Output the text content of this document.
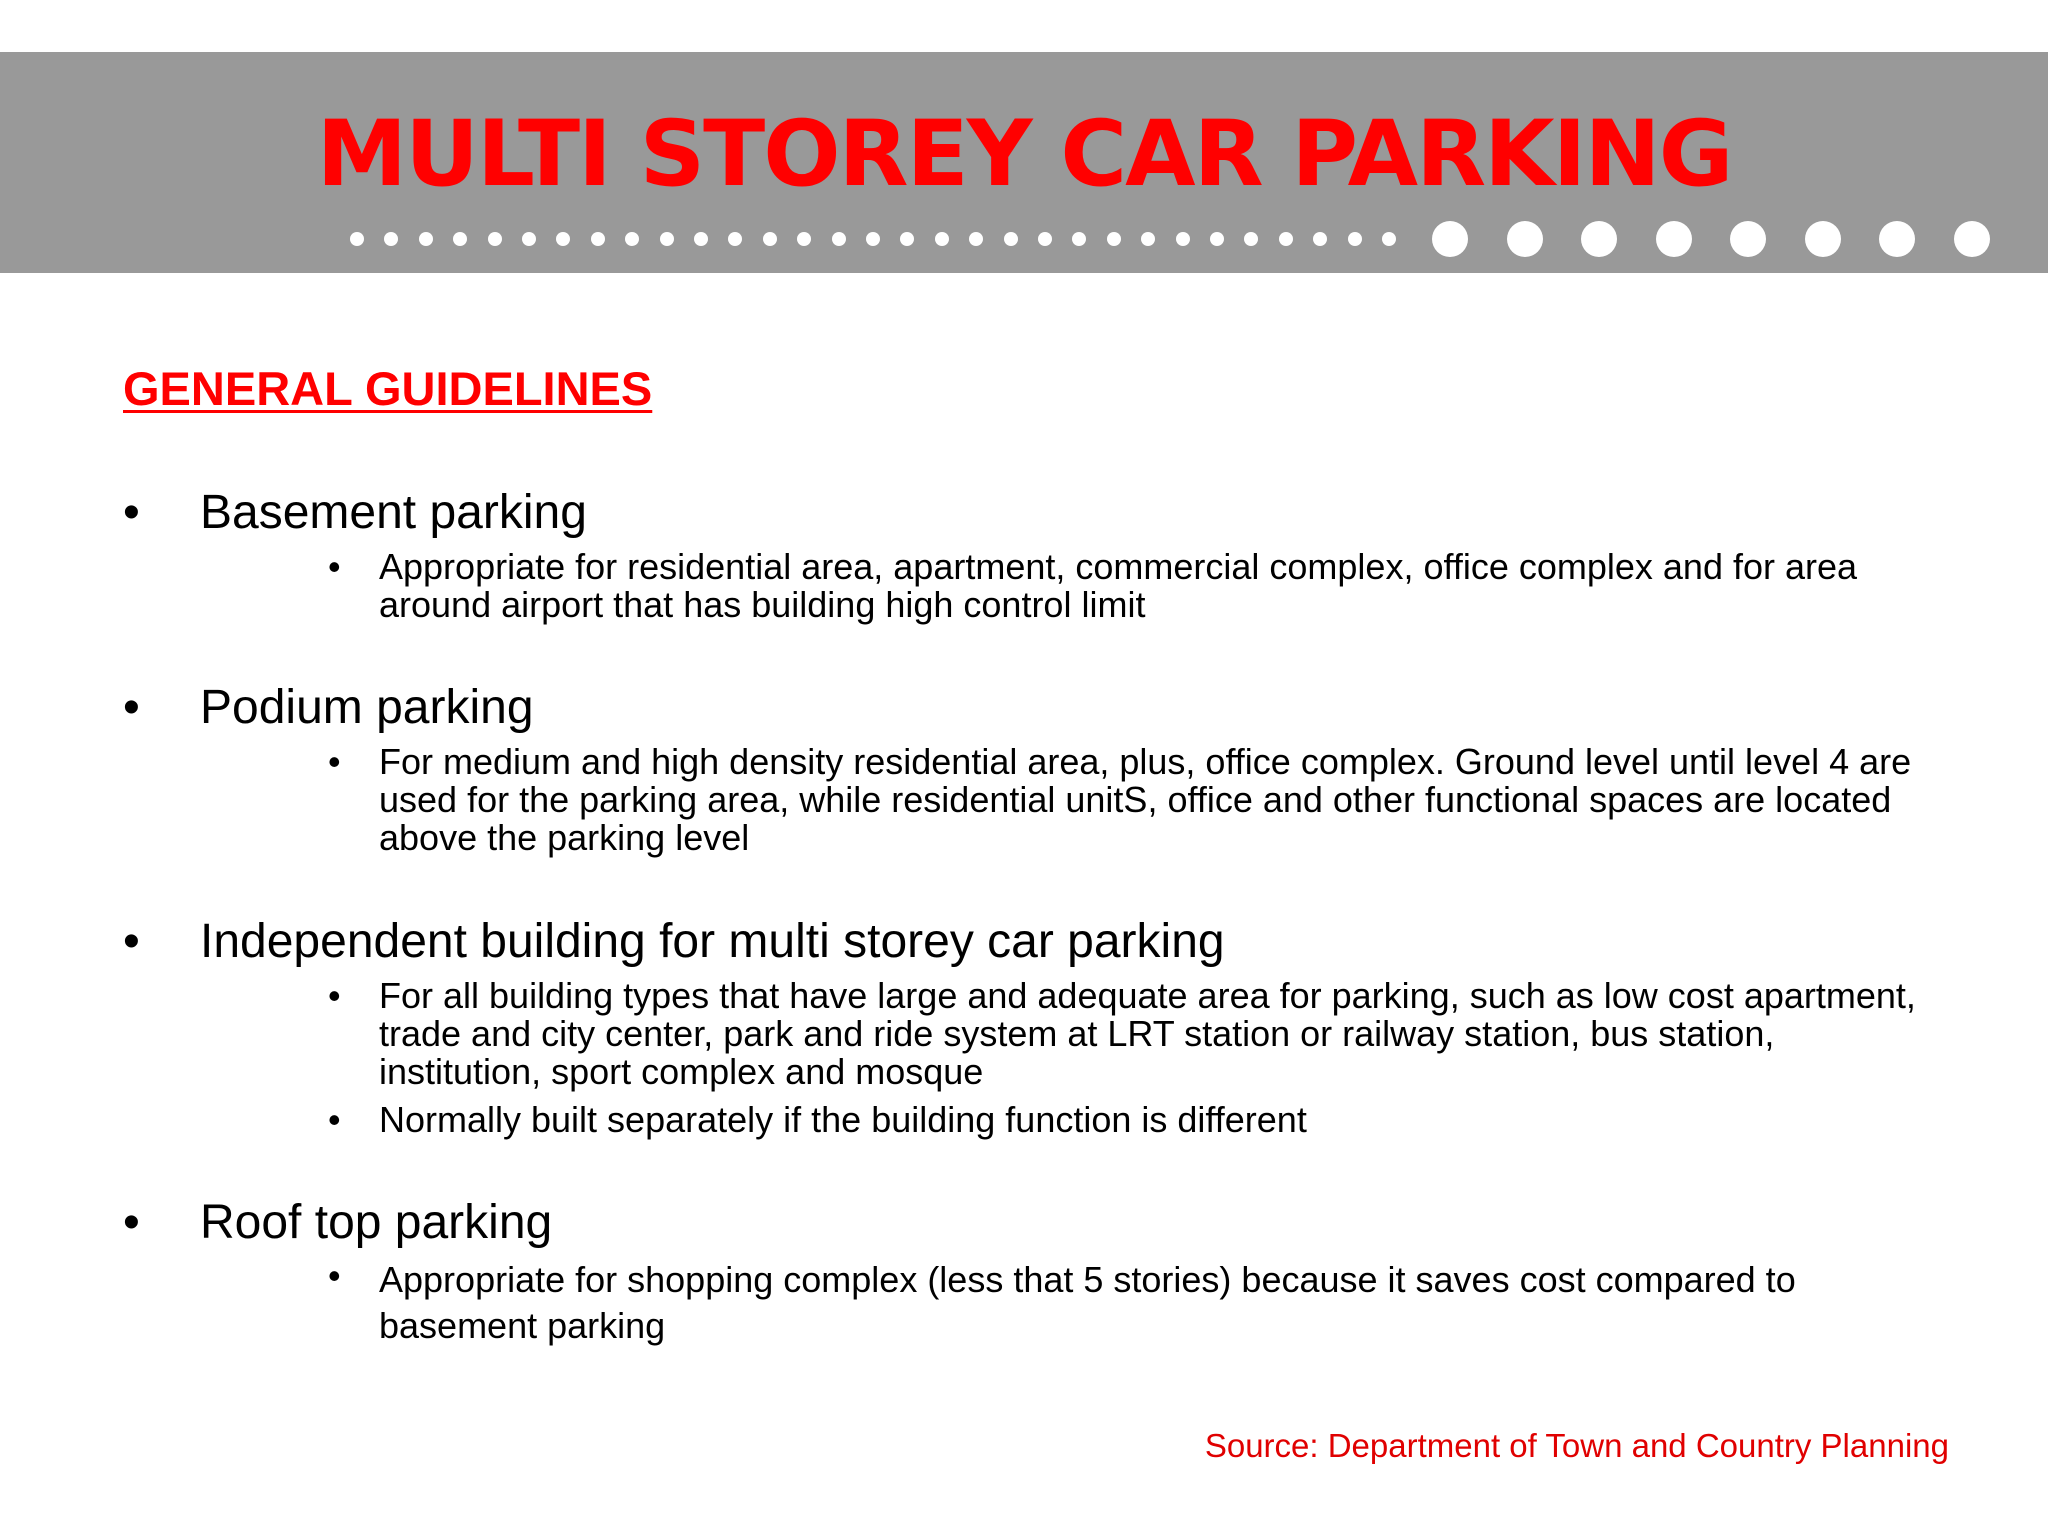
MULTI STOREY CAR PARKING
GENERAL GUIDELINES
• Basement parking
• Appropriate for residential area, apartment, commercial complex, office complex and for area around airport that has building high control limit

• Podium parking
• For medium and high density residential area, plus, office complex. Ground level until level 4 are used for the parking area, while residential unitS, office and other functional spaces are located above the parking level

• Independent building for multi storey car parking
• For all building types that have large and adequate area for parking, such as low cost apartment, trade and city center, park and ride system at LRT station or railway station, bus station, institution, sport complex and mosque

• Normally built separately if the building function is different

• Roof top parking
• Appropriate for shopping complex (less that 5 stories) because it saves cost compared to basement parking

Source: Department of Town and Country Planning
